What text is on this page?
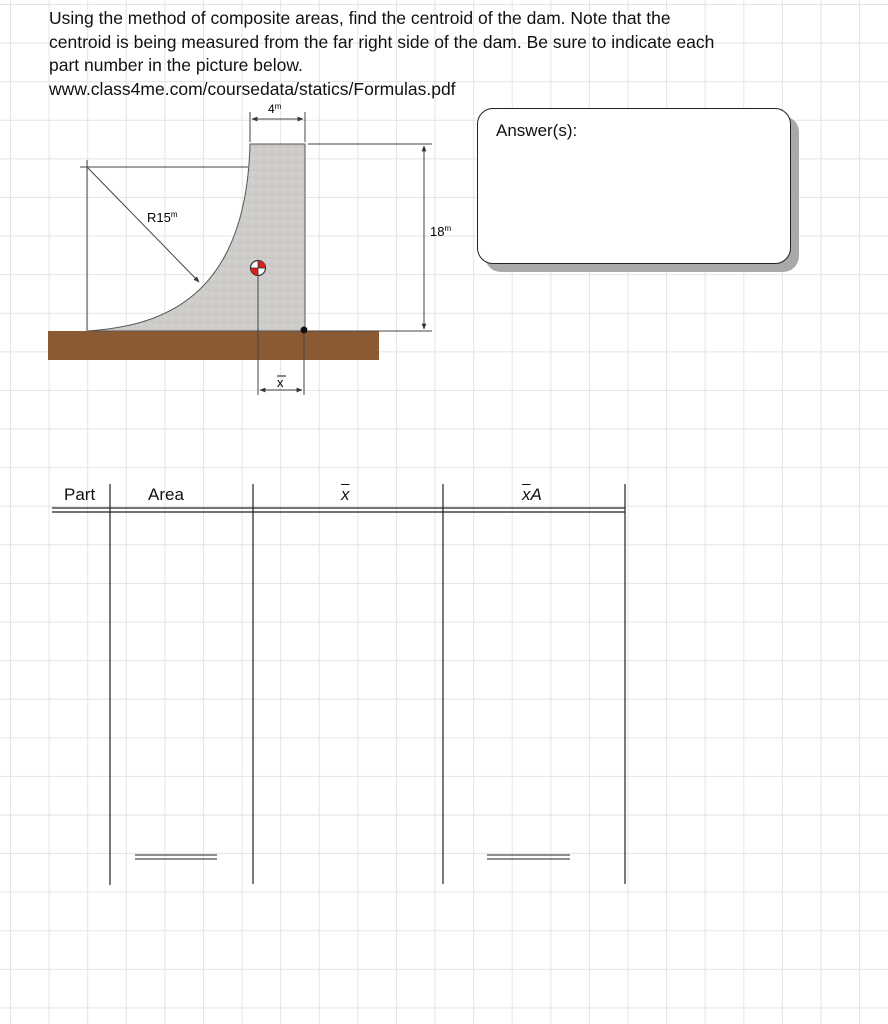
Using the method of composite areas, find the centroid of the dam. Note that the
centroid is being measured from the far right side of the dam. Be sure to indicate each
part number in the picture below.
www.class4me.com/coursedata/statics/Formulas.pdf
R15$^m$
4$^m$
18$^m$
x
Answer(s):
Part	Area	$\overline{x}$	$\overline{x}A$
